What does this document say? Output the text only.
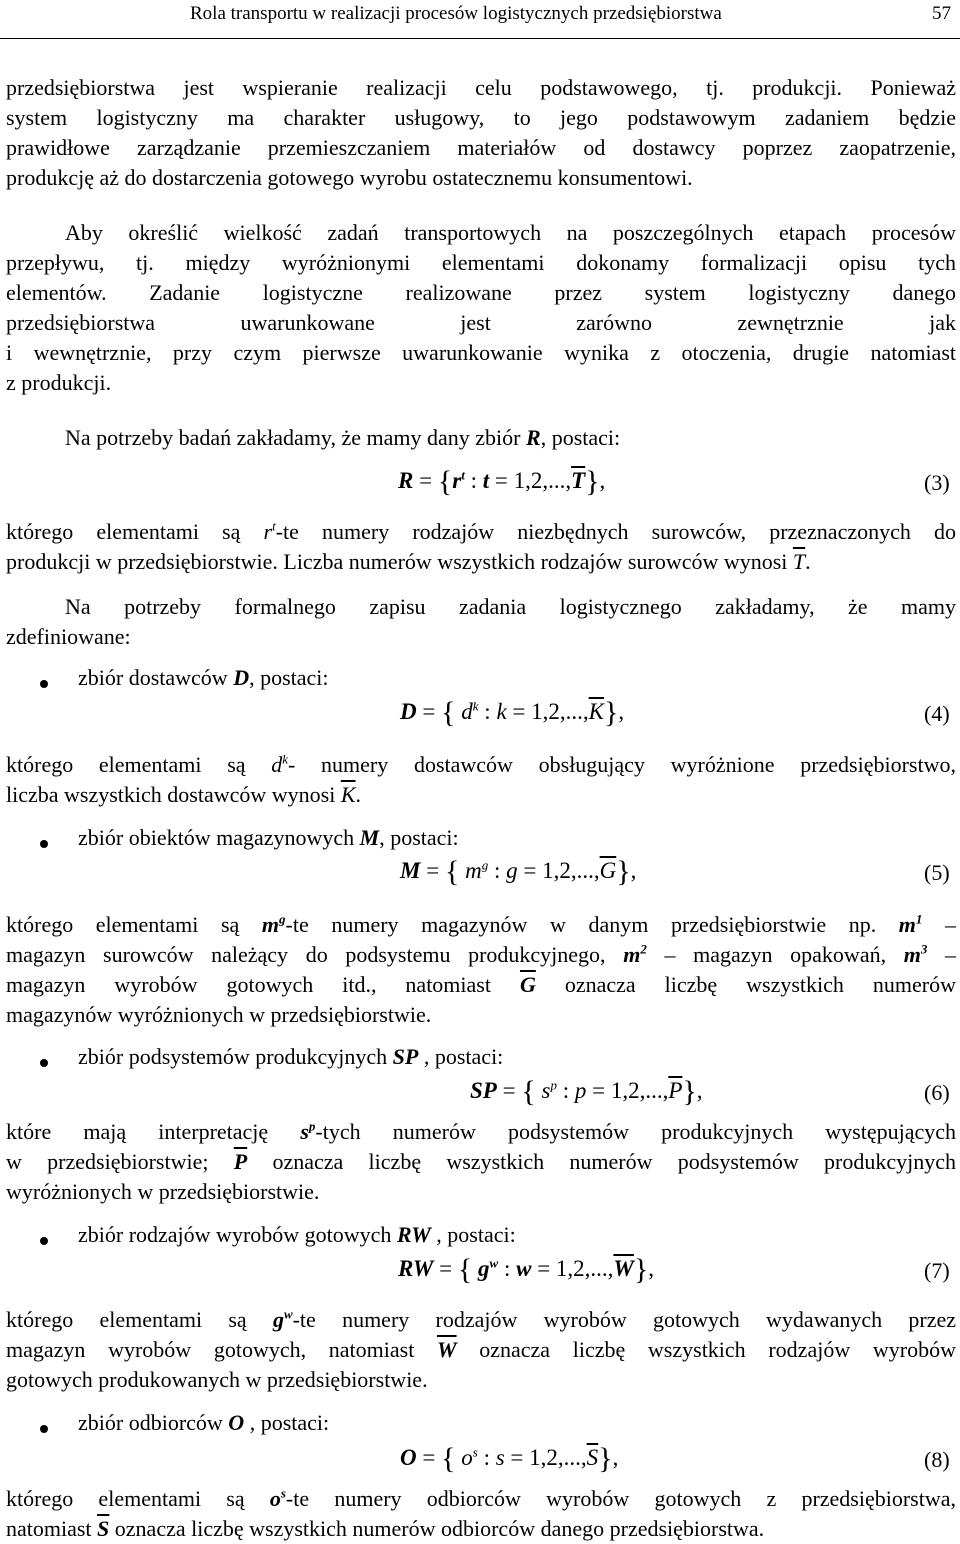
Rola transportu w realizacji procesów logistycznych przedsiębiorstwa	57
przedsiębiorstwa jest wspieranie realizacji celu podstawowego, tj. produkcji. Ponieważ
system logistyczny ma charakter usługowy, to jego podstawowym zadaniem będzie
prawidłowe zarządzanie przemieszczaniem materiałów od dostawcy poprzez zaopatrzenie,
produkcję aż do dostarczenia gotowego wyrobu ostatecznemu konsumentowi.
Aby określić wielkość zadań transportowych na poszczególnych etapach procesów
przepływu, tj. między wyróżnionymi elementami dokonamy formalizacji opisu tych
elementów. Zadanie logistyczne realizowane przez system logistyczny danego
przedsiębiorstwa uwarunkowane jest zarówno zewnętrznie jak
i wewnętrznie, przy czym pierwsze uwarunkowanie wynika z otoczenia, drugie natomiast
z produkcji.
Na potrzeby badań zakładamy, że mamy dany zbiór R, postaci:
$R = \{r^t$ : $t = 1,2,...,\overline{T}$},	(3)
którego elementami są $r^t-te$ numery rodzajów niezbędnych surowców, przeznaczonych do
produkcji w przedsiębiorstwie. Liczba numerów wszystkich rodzajów surowców wynosi $\overline{T}$.
Na potrzeby formalnego zapisu zadania logistycznego zakładamy, że mamy
zdefiniowane:
zbiór dostawców D, postaci:
D = { $d^k$ : $k = 1,2,...,\overline{K}$},	(4)
którego elementami są $d^k-$ numery dostawców obsługujący wyróżnione przedsiębiorstwo,
liczba wszystkich dostawców wynosi $\overline{K}$.
zbiór obiektów magazynowych M, postaci:
M = { $m^g$ : $g = 1,2,...,\overline{G}$},	(5)
którego elementami są $m^g-te$ numery magazynów w danym przedsiębiorstwie np. $m^1$ –
magazyn surowców należący do podsystemu produkcyjnego, $m^2$ – magazyn opakowań, $m^3$ –
magazyn wyrobów gotowych itd., natomiast $\overline{G}$ oznacza liczbę wszystkich numerów
magazynów wyróżnionych w przedsiębiorstwie.
zbiór podsystemów produkcyjnych SP , postaci:
SP = { $s^p$ : $p = 1,2,...,\overline{P}$},	(6)
które mają interpretację $s^p$-tych numerów podsystemów produkcyjnych występujących
w przedsiębiorstwie; $\overline{P}$ oznacza liczbę wszystkich numerów podsystemów produkcyjnych
wyróżnionych w przedsiębiorstwie.
zbiór rodzajów wyrobów gotowych RW , postaci:
RW = { $g^w$ : $w = 1,2,...,\overline{W}$},	(7)
którego elementami są $g^w-te$ numery rodzajów wyrobów gotowych wydawanych przez
magazyn wyrobów gotowych, natomiast $\overline{W}$ oznacza liczbę wszystkich rodzajów wyrobów
gotowych produkowanych w przedsiębiorstwie.
zbiór odbiorców O , postaci:
O = { $o^s$ : $s = 1,2,...,\overline{S}$},	(8)
którego elementami są $o^s-te$ numery odbiorców wyrobów gotowych z przedsiębiorstwa,
natomiast $\overline{S}$ oznacza liczbę wszystkich numerów odbiorców danego przedsiębiorstwa.
